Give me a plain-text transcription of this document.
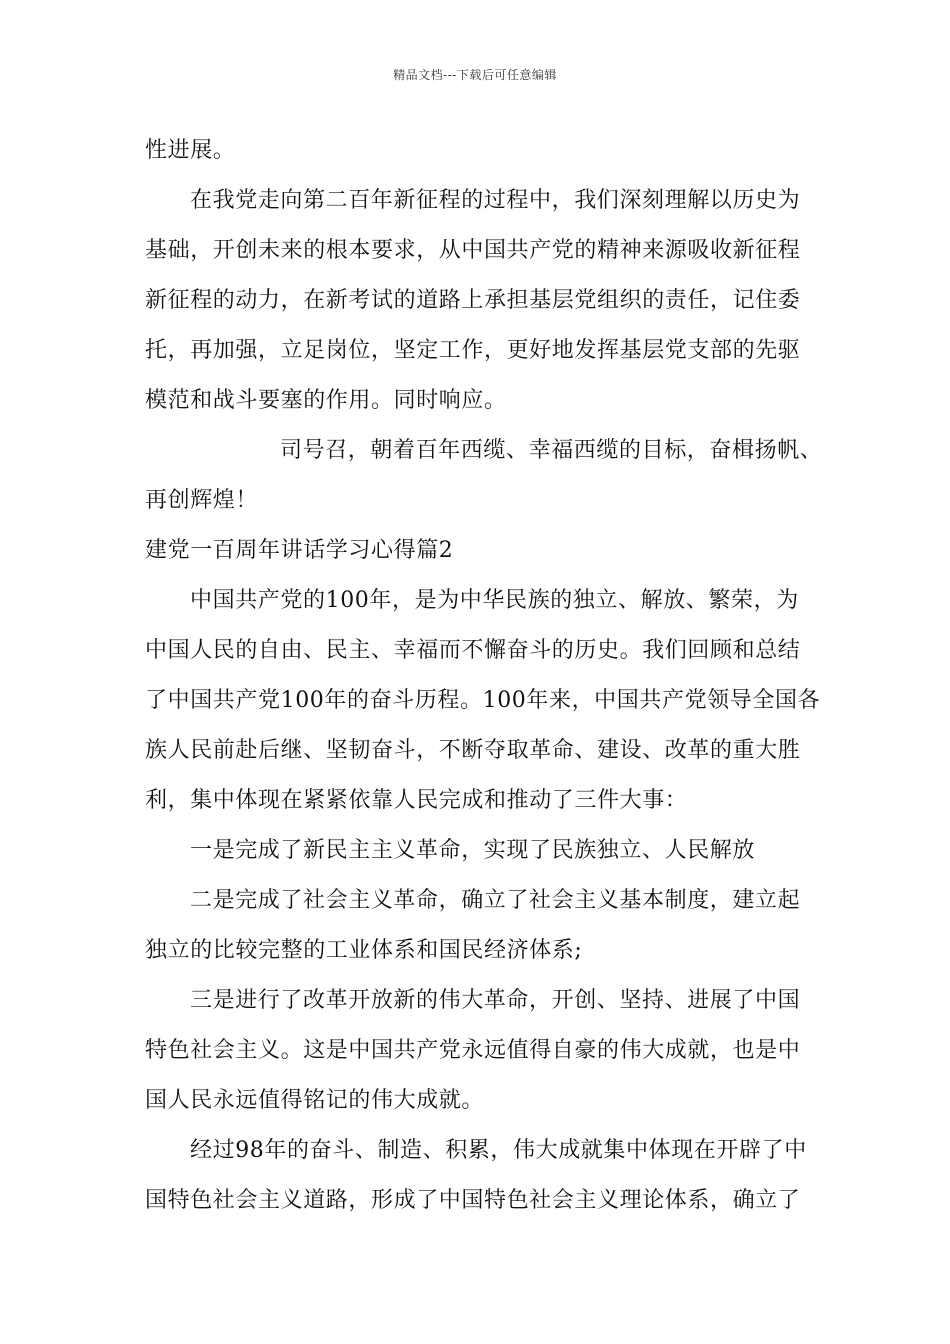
精品文档---下载后可任意编辑
性进展。
在我党走向第二百年新征程的过程中，我们深刻理解以历史为
基础，开创未来的根本要求，从中国共产党的精神来源吸收新征程
新征程的动力，在新考试的道路上承担基层党组织的责任，记住委
托，再加强，立足岗位，坚定工作，更好地发挥基层党支部的先驱
模范和战斗要塞的作用。同时响应。
司号召，朝着百年西缆、幸福西缆的目标，奋楫扬帆、
再创辉煌！
建党一百周年讲话学习心得篇2
中国共产党的100年，是为中华民族的独立、解放、繁荣，为
中国人民的自由、民主、幸福而不懈奋斗的历史。我们回顾和总结
了中国共产党100年的奋斗历程。100年来，中国共产党领导全国各
族人民前赴后继、坚韧奋斗，不断夺取革命、建设、改革的重大胜
利，集中体现在紧紧依靠人民完成和推动了三件大事：
一是完成了新民主主义革命，实现了民族独立、人民解放
二是完成了社会主义革命，确立了社会主义基本制度，建立起
独立的比较完整的工业体系和国民经济体系;
三是进行了改革开放新的伟大革命，开创、坚持、进展了中国
特色社会主义。这是中国共产党永远值得自豪的伟大成就，也是中
国人民永远值得铭记的伟大成就。
经过98年的奋斗、制造、积累，伟大成就集中体现在开辟了中
国特色社会主义道路，形成了中国特色社会主义理论体系，确立了
